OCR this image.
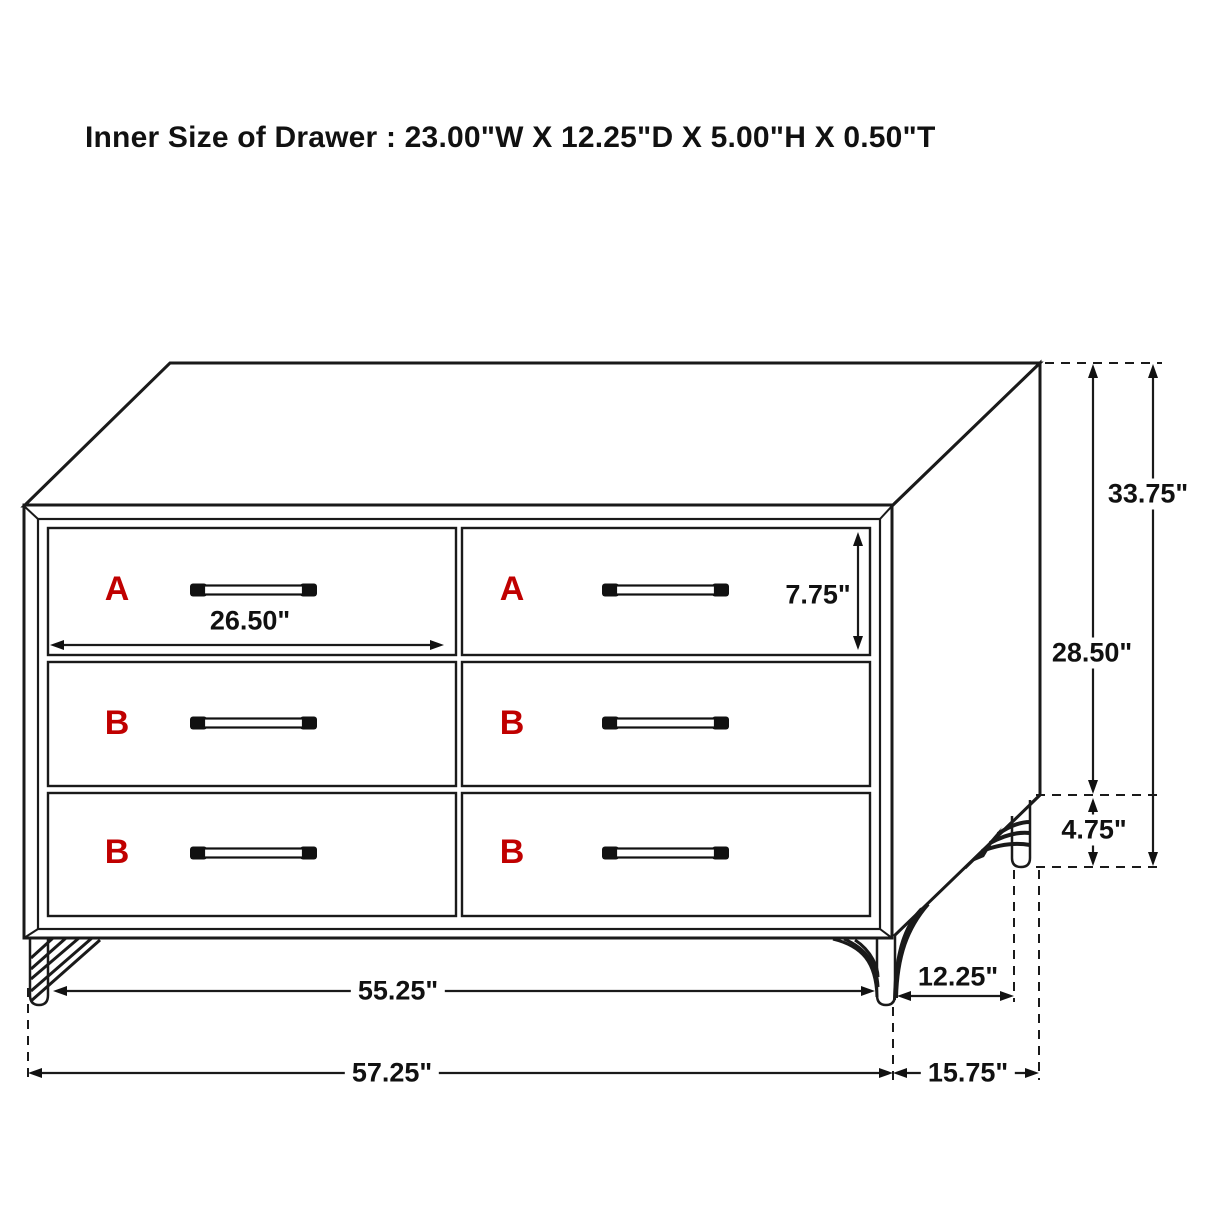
Inner Size of Drawer : 23.00"W X 12.25"D X 5.00"H X 0.50"T
A	A
B	B
B	B
26.50"
7.75"
55.25"	12.25"
57.25"	15.75"
33.75"
28.50"
4.75"
